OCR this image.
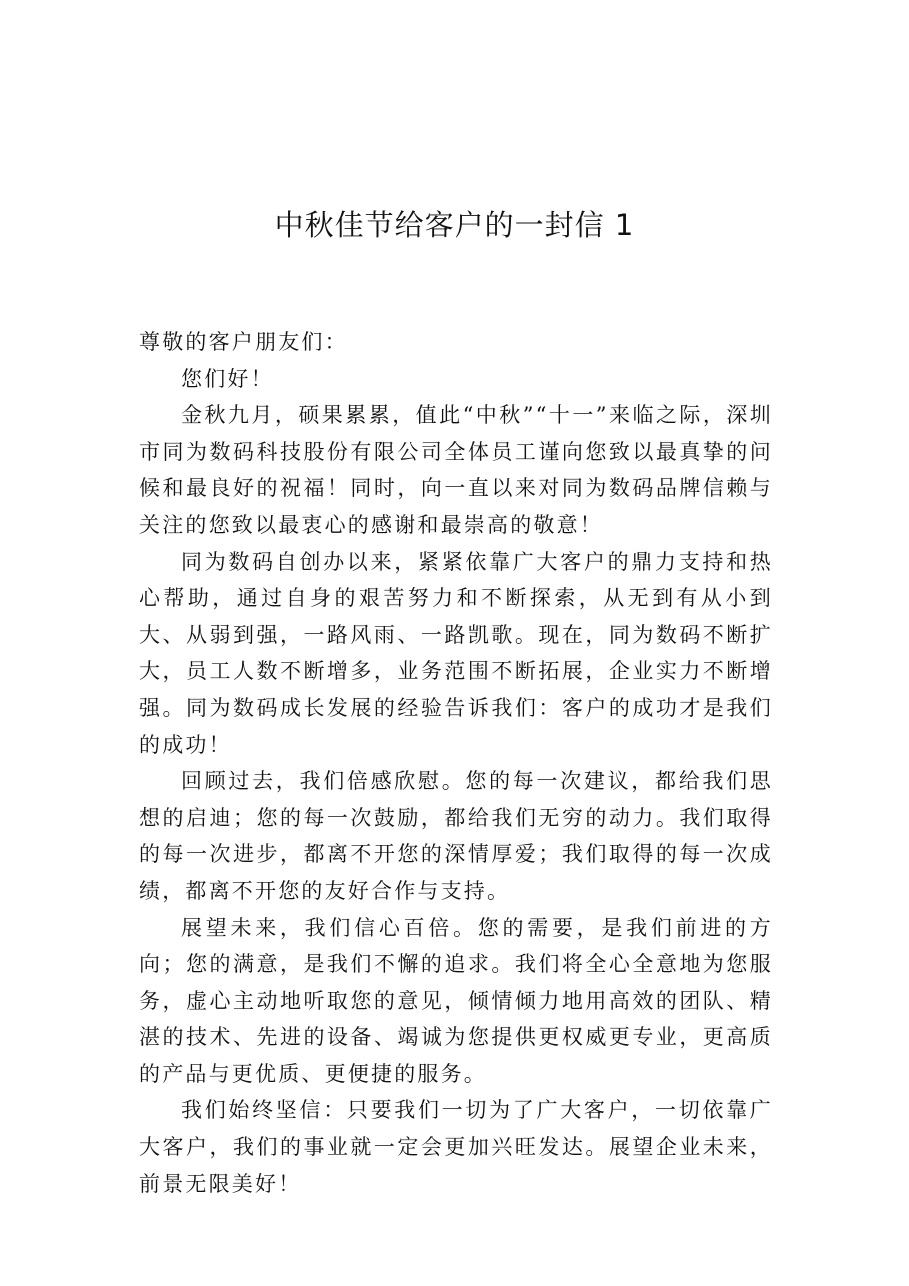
中秋佳节给客户的一封信 1

尊敬的客户朋友们：

您们好！

金秋九月，硕果累累，值此“中秋”“十一”来临之际，深圳市同为数码科技股份有限公司全体员工谨向您致以最真挚的问候和最良好的祝福！同时，向一直以来对同为数码品牌信赖与关注的您致以最衷心的感谢和最崇高的敬意！

同为数码自创办以来，紧紧依靠广大客户的鼎力支持和热心帮助，通过自身的艰苦努力和不断探索，从无到有从小到大、从弱到强，一路风雨、一路凯歌。现在，同为数码不断扩大，员工人数不断增多，业务范围不断拓展，企业实力不断增强。同为数码成长发展的经验告诉我们：客户的成功才是我们的成功！

回顾过去，我们倍感欣慰。您的每一次建议，都给我们思想的启迪；您的每一次鼓励，都给我们无穷的动力。我们取得的每一次进步，都离不开您的深情厚爱；我们取得的每一次成绩，都离不开您的友好合作与支持。

展望未来，我们信心百倍。您的需要，是我们前进的方向；您的满意，是我们不懈的追求。我们将全心全意地为您服务，虚心主动地听取您的意见，倾情倾力地用高效的团队、精湛的技术、先进的设备、竭诚为您提供更权威更专业，更高质的产品与更优质、更便捷的服务。

我们始终坚信：只要我们一切为了广大客户，一切依靠广大客户，我们的事业就一定会更加兴旺发达。展望企业未来，前景无限美好！
